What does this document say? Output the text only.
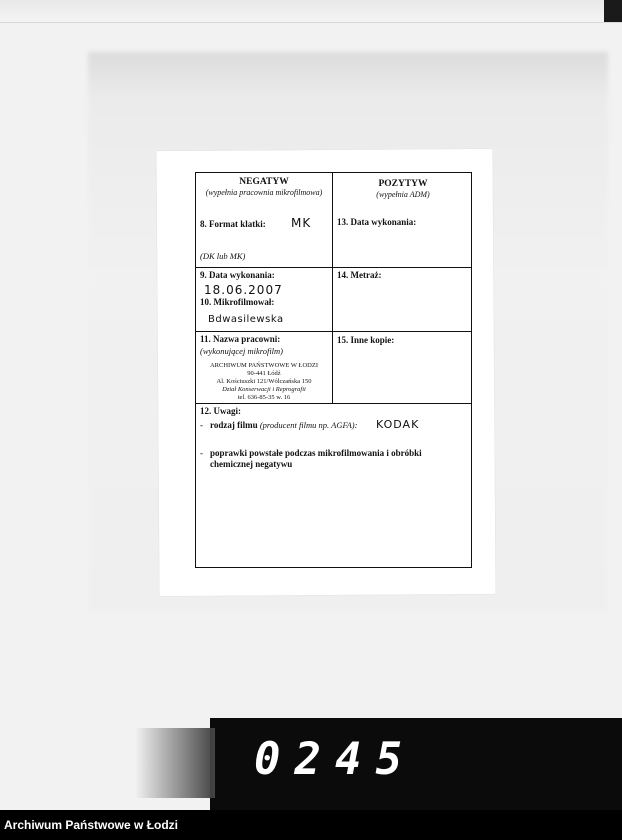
NEGATYW
(wypełnia pracownia mikrofilmowa)
8. Format klatki: MK
(DK lub MK)
POZYTYW
(wypełnia ADM)
13. Data wykonania:
9. Data wykonania:
18.06.2007
10. Mikrofilmował:
Bdwasilewska
14. Metraż:
11. Nazwa pracowni:
(wykonującej mikrofilm)
ARCHIWUM PAŃSTWOWE W ŁODZI
90-441 Łódź
Al. Kościuszki 121/Wólczańska 150
Dział Konserwacji i Reprografii
tel. 636-85-35 w. 16
15. Inne kopie:
12. Uwagi:
- rodzaj filmu (producent filmu np. AGFA): KODAK
- poprawki powstałe podczas mikrofilmowania i obróbki
chemicznej negatywu
0245
Archiwum Państwowe w Łodzi
